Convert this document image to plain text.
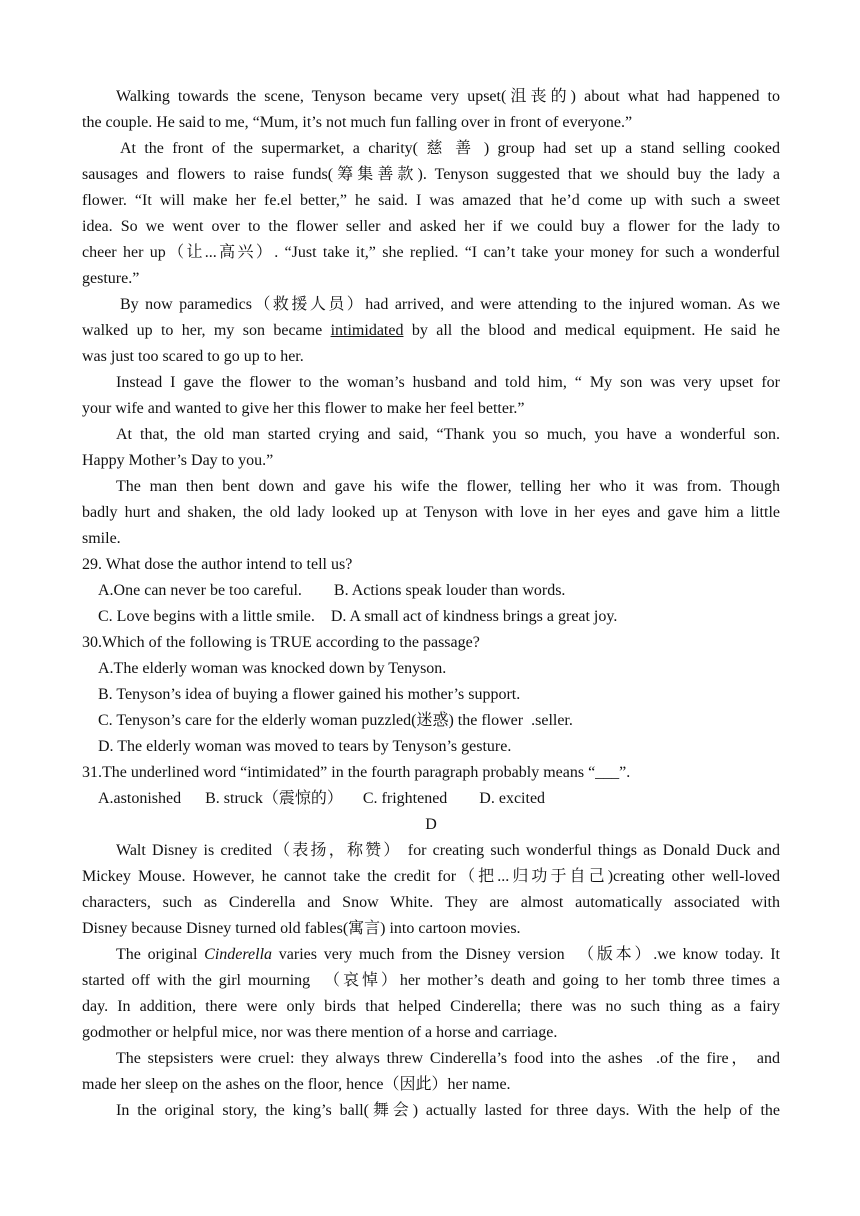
Walking towards the scene, Tenyson became very upset(沮丧的) about what had happened to
the couple. He said to me, “Mum, it’s not much fun falling over in front of everyone.”
At the front of the supermarket, a charity( 慈 善 ) group had set up a stand selling cooked
sausages and flowers to raise funds(筹集善款). Tenyson suggested that we should buy the lady a
flower. “It will make her fe.el better,” he said. I was amazed that he’d come up with such a sweet
idea. So we went over to the flower seller and asked her if we could buy a flower for the lady to
cheer her up（让...高兴）. “Just take it,” she replied. “I can’t take your money for such a wonderful
gesture.”
By now paramedics（救援人员）had arrived, and were attending to the injured woman. As we
walked up to her, my son became intimidated by all the blood and medical equipment. He said he
was just too scared to go up to her.
Instead I gave the flower to the woman’s husband and told him, “ My son was very upset for
your wife and wanted to give her this flower to make her feel better.”
At that, the old man started crying and said, “Thank you so much, you have a wonderful son.
Happy Mother’s Day to you.”
The man then bent down and gave his wife the flower, telling her who it was from. Though
badly hurt and shaken, the old lady looked up at Tenyson with love in her eyes and gave him a little
smile.
29. What dose the author intend to tell us?
A.One can never be too careful.        B. Actions speak louder than words.
C. Love begins with a little smile.    D. A small act of kindness brings a great joy.
30.Which of the following is TRUE according to the passage?
A.The elderly woman was knocked down by Tenyson.
B. Tenyson’s idea of buying a flower gained his mother’s support.
C. Tenyson’s care for the elderly woman puzzled(迷惑) the flower  .seller.
D. The elderly woman was moved to tears by Tenyson’s gesture.
31.The underlined word “intimidated” in the fourth paragraph probably means “___”.
A.astonished      B. struck（震惊的）     C. frightened        D. excited
D
Walt Disney is credited（表扬，称赞） for creating such wonderful things as Donald Duck and
Mickey Mouse. However, he cannot take the credit for（把...归功于自己)creating other well-loved
characters, such as Cinderella and Snow White. They are almost automatically associated with
Disney because Disney turned old fables(寓言) into cartoon movies.
The original Cinderella varies very much from the Disney version  （版本）.we know today. It
started off with the girl mourning  （哀悼）her mother’s death and going to her tomb three times a
day. In addition, there were only birds that helped Cinderella; there was no such thing as a fairy
godmother or helpful mice, nor was there mention of a horse and carriage.
The stepsisters were cruel: they always threw Cinderella’s food into the ashes  .of the fire， and
made her sleep on the ashes on the floor, hence（因此）her name.
In the original story, the king’s ball(舞会) actually lasted for three days. With the help of the
